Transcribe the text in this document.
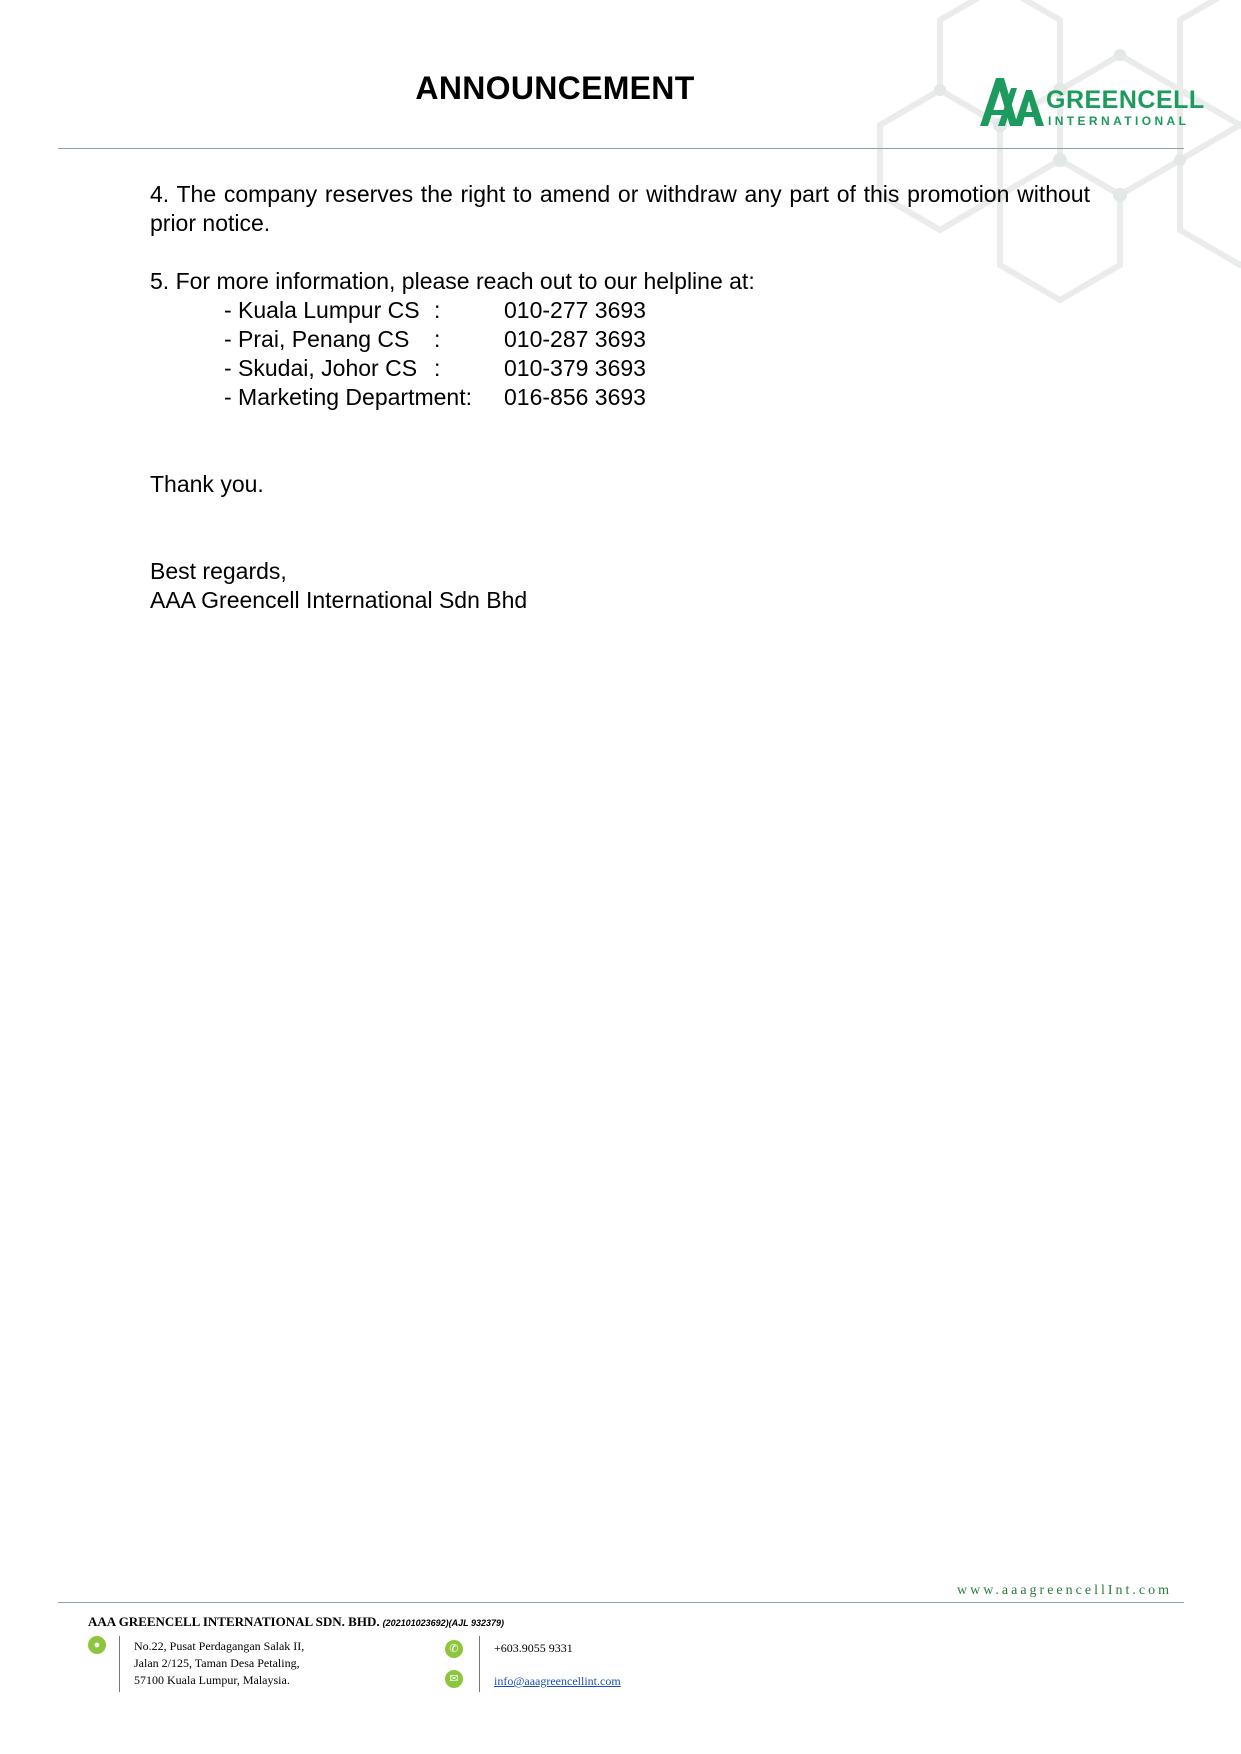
ANNOUNCEMENT	GREENCELL
INTERNATIONAL

4. The company reserves the right to amend or withdraw any part of this promotion without prior notice.

5. For more information, please reach out to our helpline at:

- Kuala Lumpur CS :	010-277 3693
- Prai, Penang CS	:	010-287 3693
- Skudai, Johor CS :	010-379 3693
- Marketing Department:	016-856 3693

Thank you.

Best regards,

AAA Greencell International Sdn Bhd

www.aaagreencellInt.com
AAA GREENCELL INTERNATIONAL SDN. BHD. (202101023692)(AJL 932379)
●	No.22, Pusat Perdagangan Salak II,
Jalan 2/125, Taman Desa Petaling,
57100 Kuala Lumpur, Malaysia.
✆
✉
+603.9055 9331
info@aaagreencellint.com
